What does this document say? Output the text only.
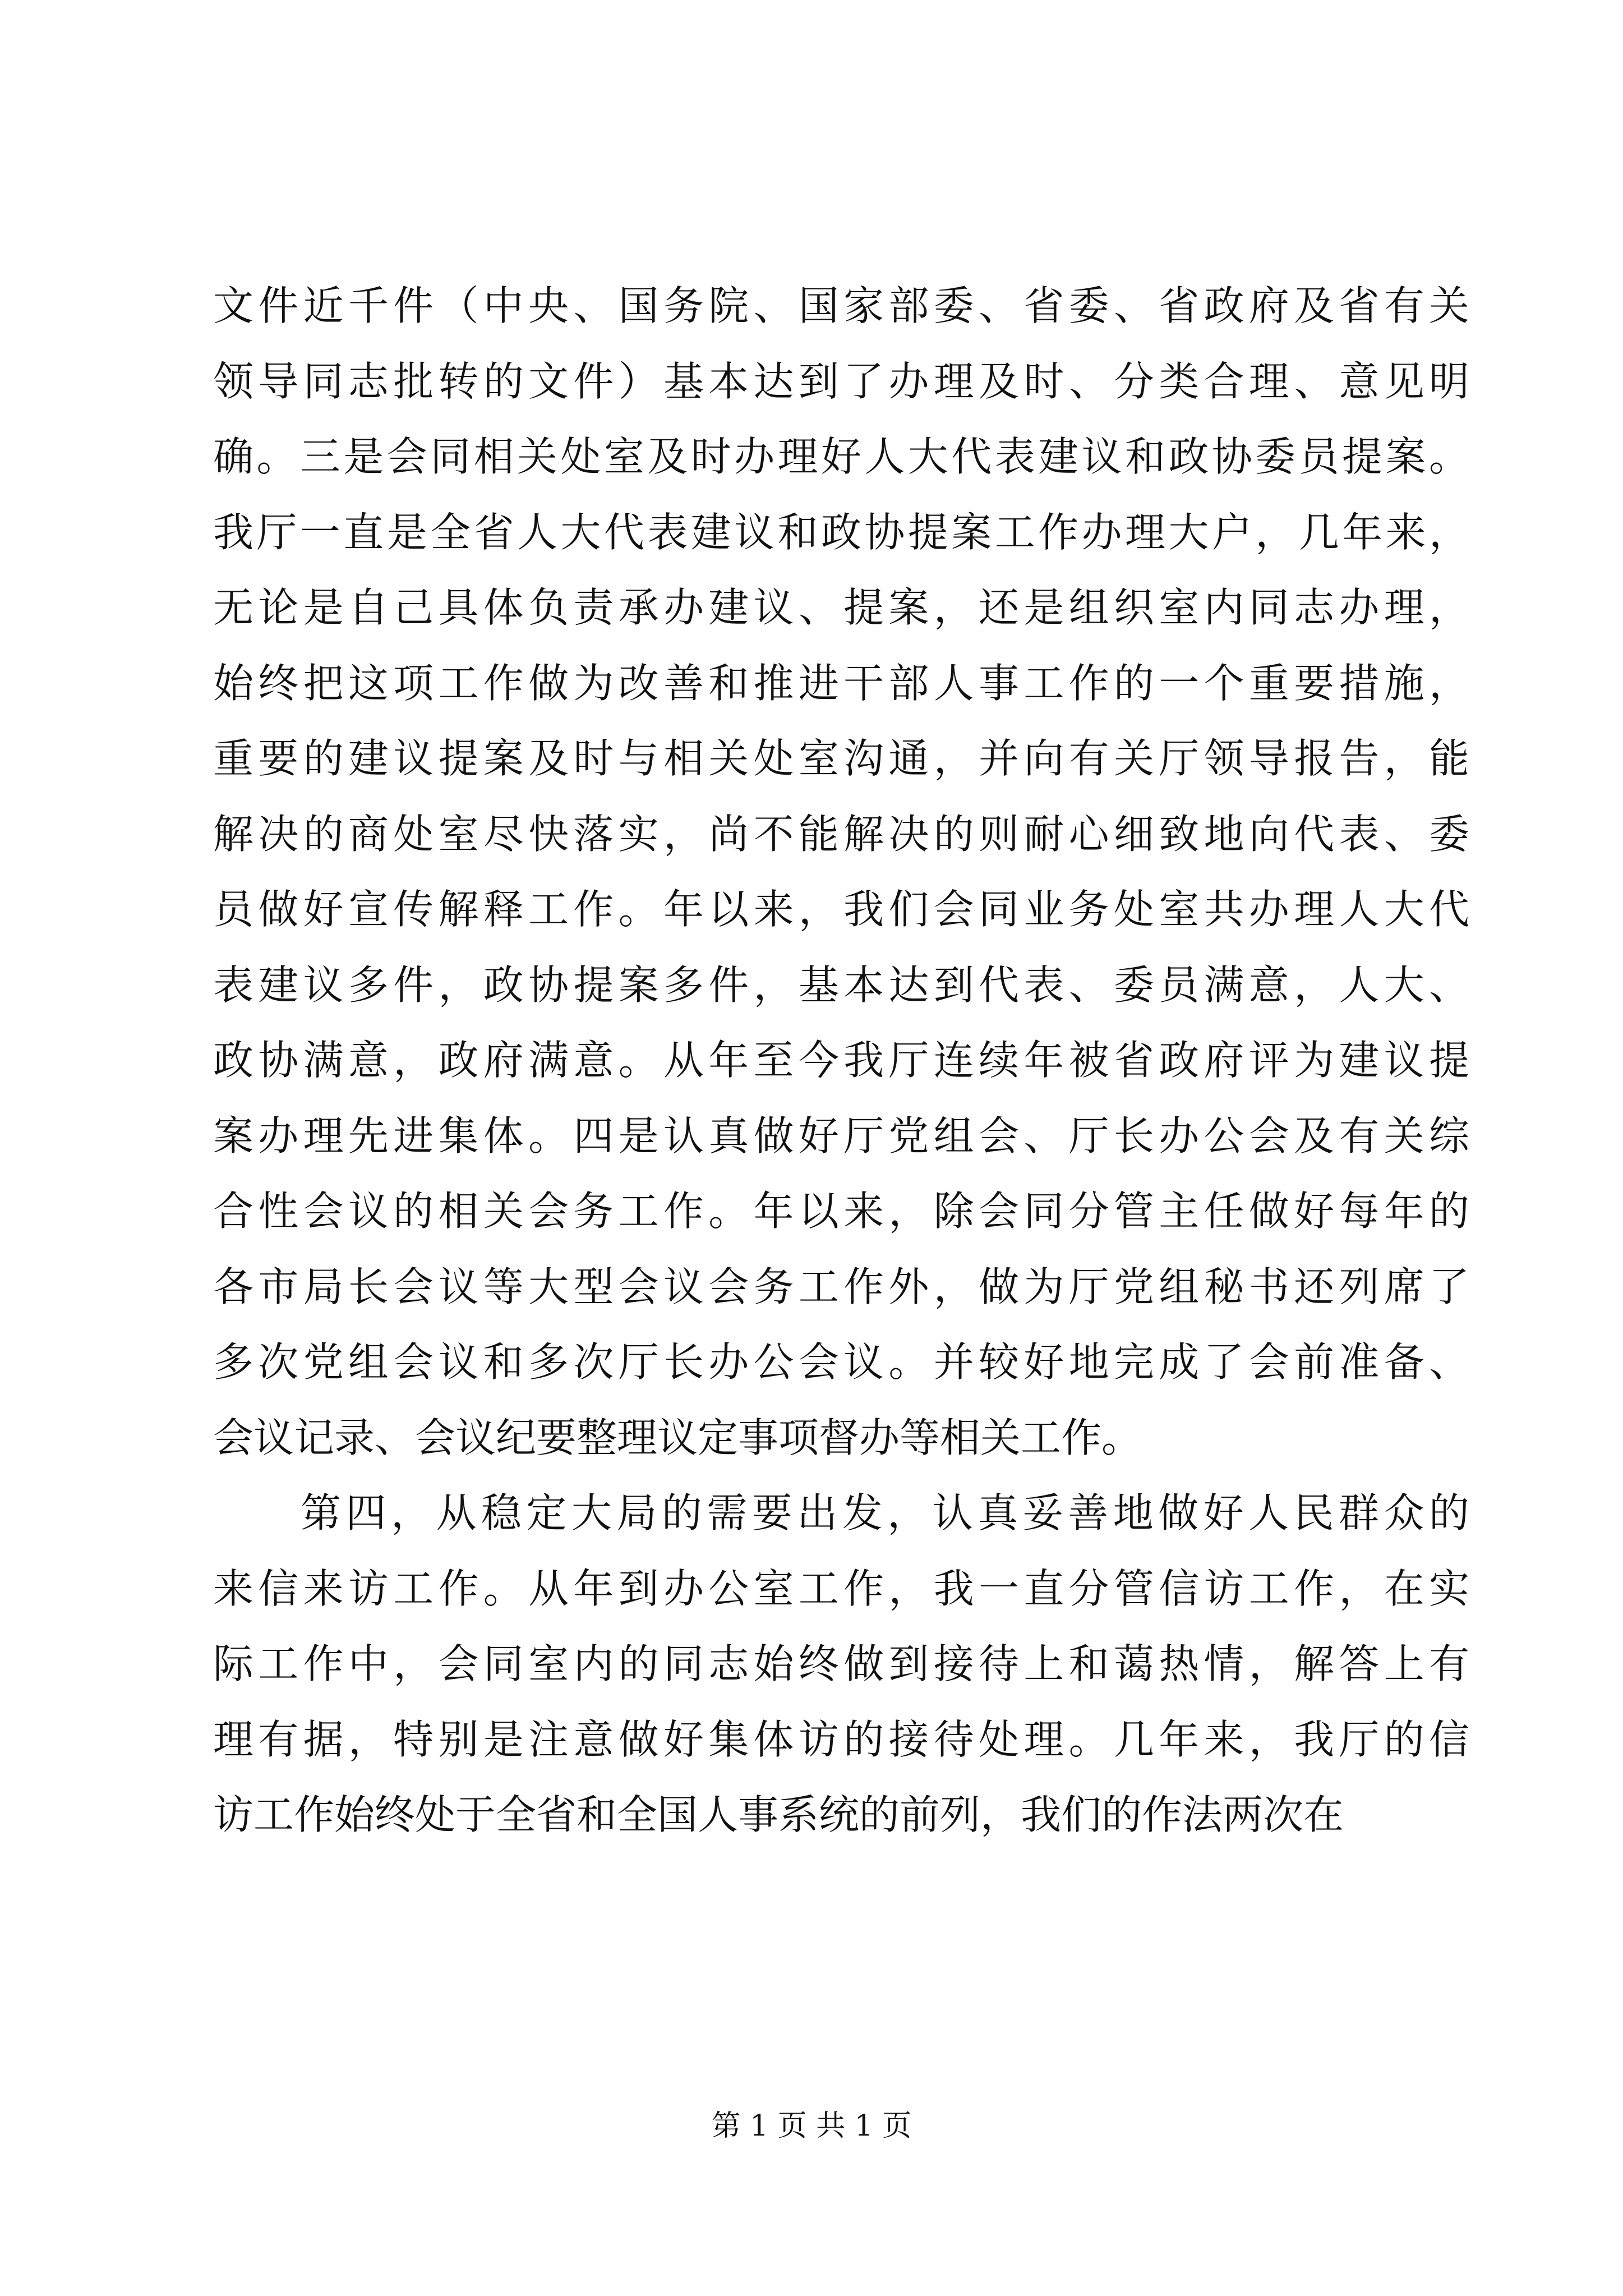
文件近千件（中央、国务院、国家部委、省委、省政府及省有关
领导同志批转的文件）基本达到了办理及时、分类合理、意见明
确。三是会同相关处室及时办理好人大代表建议和政协委员提案。
我厅一直是全省人大代表建议和政协提案工作办理大户，几年来，
无论是自己具体负责承办建议、提案，还是组织室内同志办理，
始终把这项工作做为改善和推进干部人事工作的一个重要措施，
重要的建议提案及时与相关处室沟通，并向有关厅领导报告，能
解决的商处室尽快落实，尚不能解决的则耐心细致地向代表、委
员做好宣传解释工作。年以来，我们会同业务处室共办理人大代
表建议多件，政协提案多件，基本达到代表、委员满意，人大、
政协满意，政府满意。从年至今我厅连续年被省政府评为建议提
案办理先进集体。四是认真做好厅党组会、厅长办公会及有关综
合性会议的相关会务工作。年以来，除会同分管主任做好每年的
各市局长会议等大型会议会务工作外，做为厅党组秘书还列席了
多次党组会议和多次厅长办公会议。并较好地完成了会前准备、
会议记录、会议纪要整理议定事项督办等相关工作。
第四，从稳定大局的需要出发，认真妥善地做好人民群众的
来信来访工作。从年到办公室工作，我一直分管信访工作，在实
际工作中，会同室内的同志始终做到接待上和蔼热情，解答上有
理有据，特别是注意做好集体访的接待处理。几年来，我厅的信
访工作始终处于全省和全国人事系统的前列，我们的作法两次在
第 1 页 共 1 页
